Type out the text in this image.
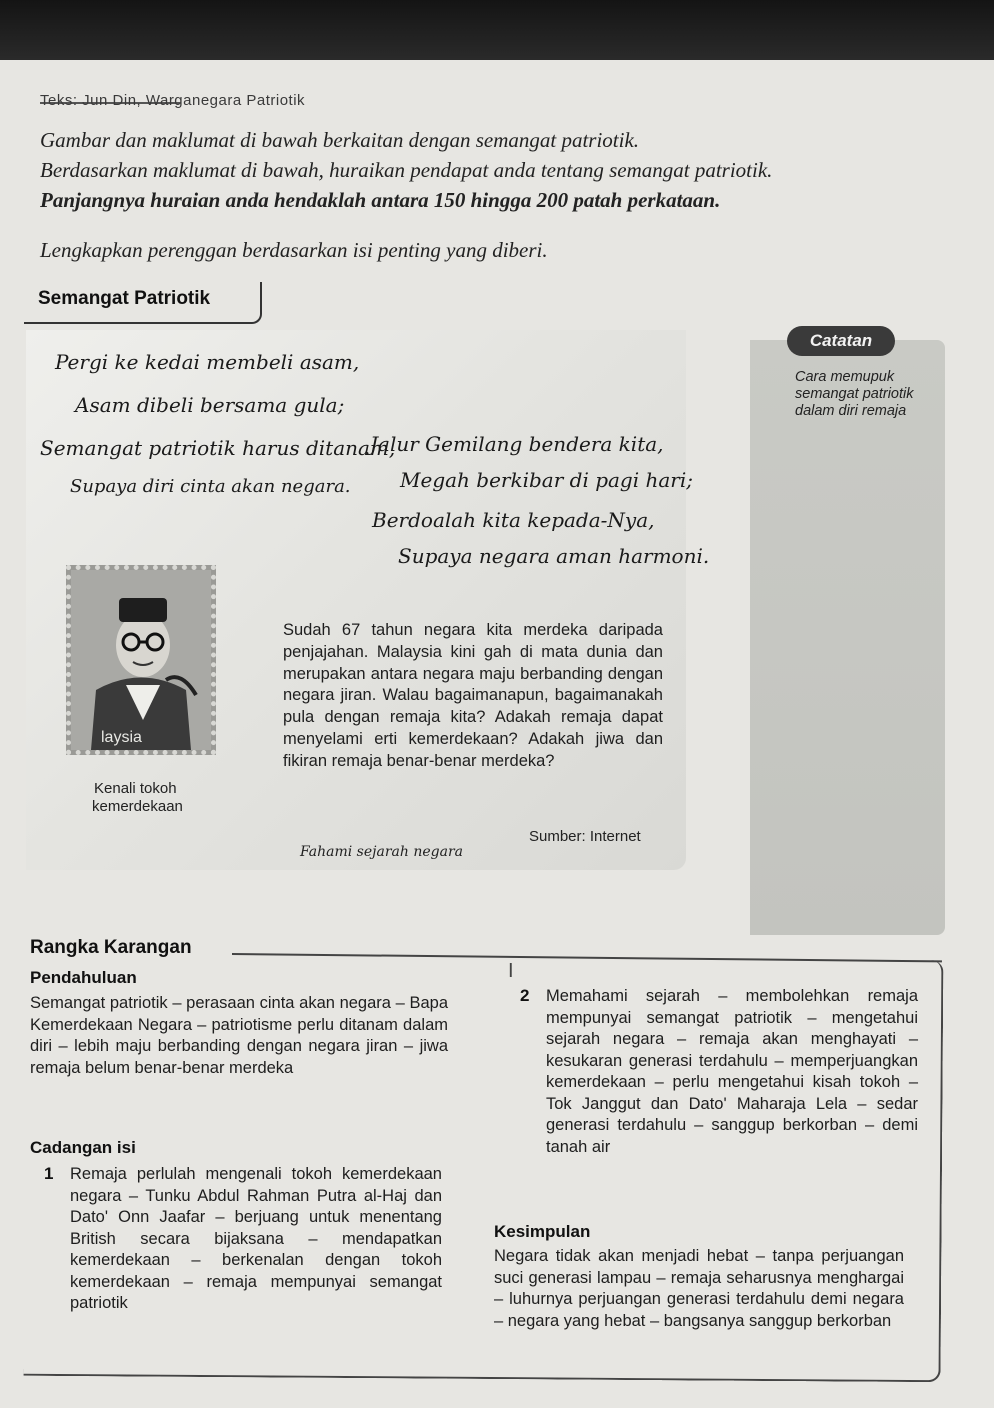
Teks: Jun Din, Warganegara Patriotik
Gambar dan maklumat di bawah berkaitan dengan semangat patriotik.
Berdasarkan maklumat di bawah, huraikan pendapat anda tentang semangat patriotik.
Panjangnya huraian anda hendaklah antara 150 hingga 200 patah perkataan.
Lengkapkan perenggan berdasarkan isi penting yang diberi.
Semangat Patriotik
Pergi ke kedai membeli asam,
Asam dibeli bersama gula;
Semangat patriotik harus ditanam,
Supaya diri cinta akan negara.
Jalur Gemilang bendera kita,
Megah berkibar di pagi hari;
Berdoalah kita kepada-Nya,
Supaya negara aman harmoni.
laysia
Kenali tokoh
kemerdekaan
Sudah 67 tahun negara kita merdeka daripada penjajahan. Malaysia kini gah di mata dunia dan merupakan antara negara maju berbanding dengan negara jiran. Walau bagaimanapun, bagaimanakah pula dengan remaja kita? Adakah remaja dapat menyelami erti kemerdekaan? Adakah jiwa dan fikiran remaja benar-benar merdeka?
Sumber: Internet
Fahami sejarah negara
Catatan
Cara memupuk semangat patriotik dalam diri remaja
Rangka Karangan
I
Pendahuluan
Semangat patriotik – perasaan cinta akan negara – Bapa Kemerdekaan Negara – patriotisme perlu ditanam dalam diri – lebih maju berbanding dengan negara jiran – jiwa remaja belum benar-benar merdeka
Cadangan isi
1 Remaja perlulah mengenali tokoh kemerdekaan negara – Tunku Abdul Rahman Putra al-Haj dan Dato' Onn Jaafar – berjuang untuk menentang British secara bijaksana – mendapatkan kemerdekaan – berkenalan dengan tokoh kemerdekaan – remaja mempunyai semangat patriotik
2 Memahami sejarah – membolehkan remaja mempunyai semangat patriotik – mengetahui sejarah negara – remaja akan menghayati – kesukaran generasi terdahulu – memperjuangkan kemerdekaan – perlu mengetahui kisah tokoh – Tok Janggut dan Dato' Maharaja Lela – sedar generasi terdahulu – sanggup berkorban – demi tanah air
Kesimpulan
Negara tidak akan menjadi hebat – tanpa perjuangan suci generasi lampau – remaja seharusnya menghargai – luhurnya perjuangan generasi terdahulu demi negara – negara yang hebat – bangsanya sanggup berkorban
